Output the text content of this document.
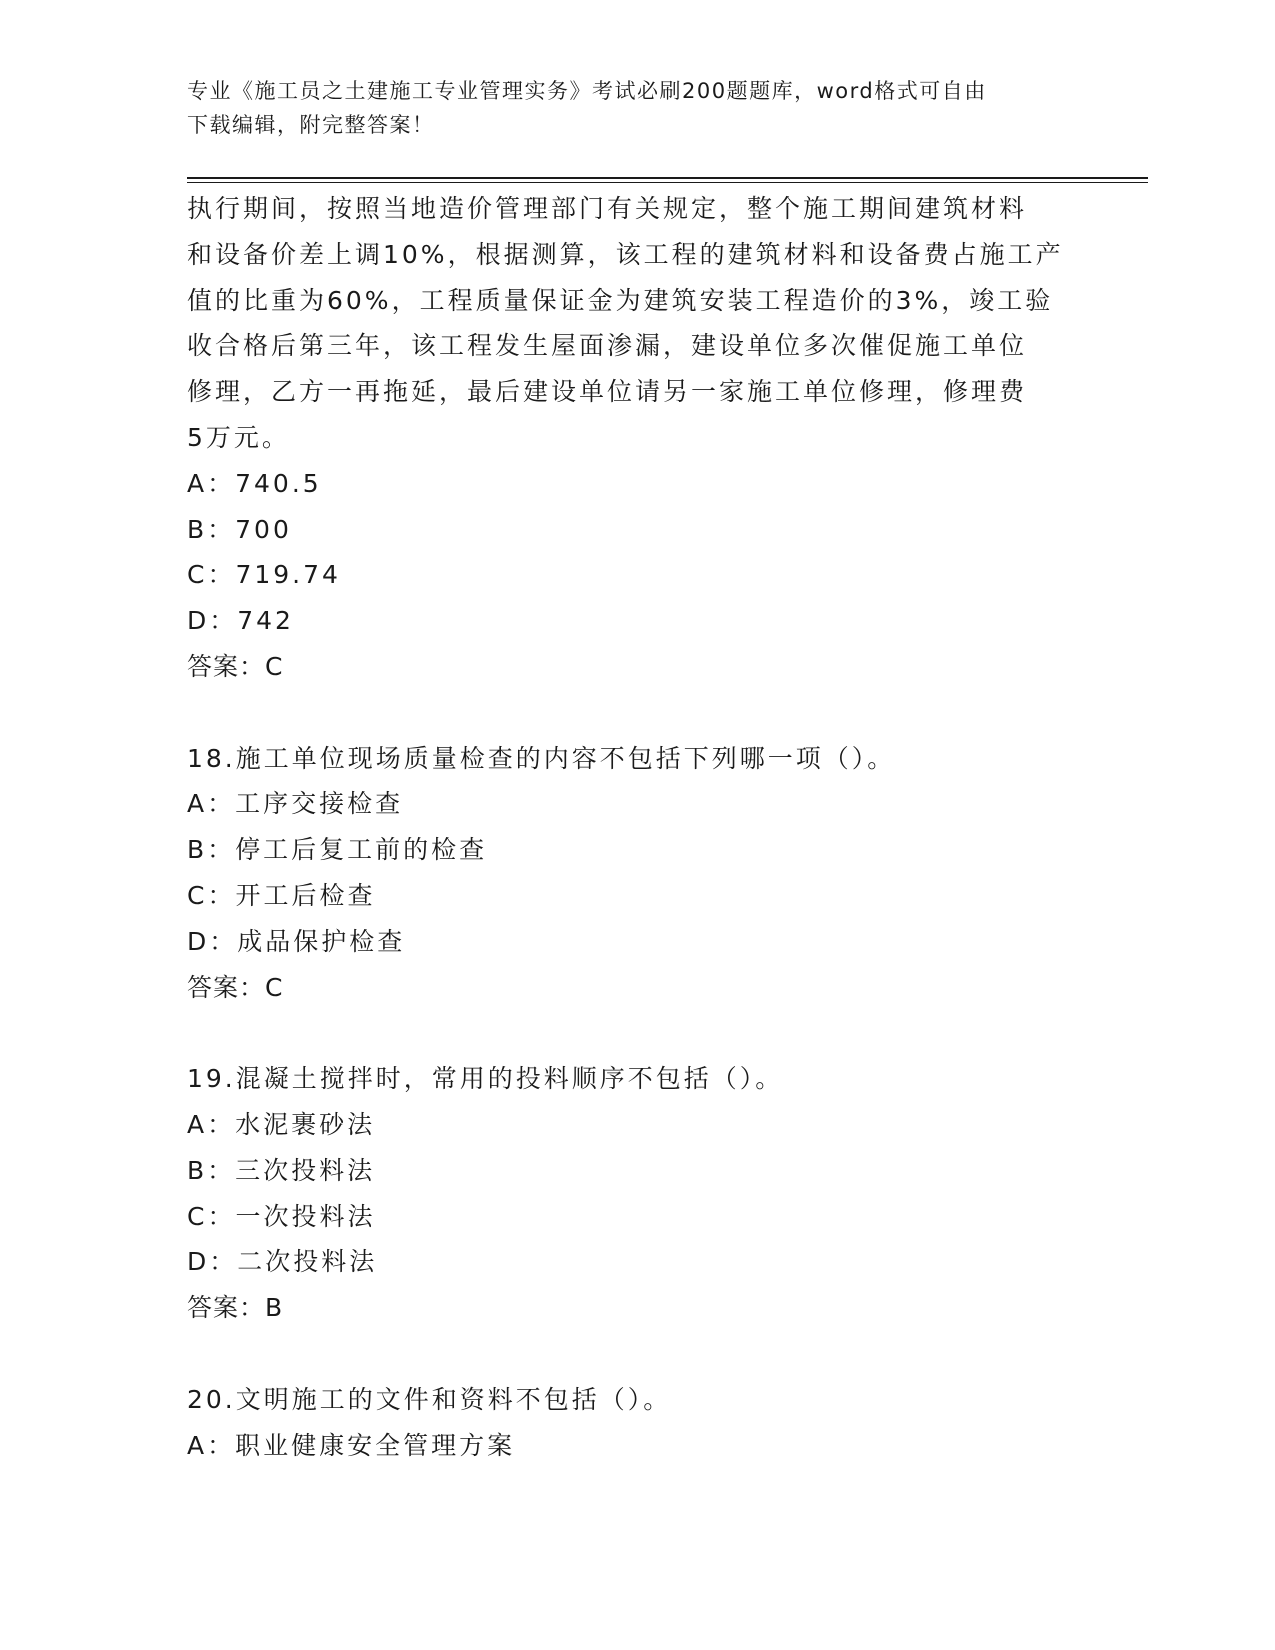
专业《施工员之土建施工专业管理实务》考试必刷200题题库，word格式可自由
下载编辑，附完整答案！
执行期间，按照当地造价管理部门有关规定，整个施工期间建筑材料
和设备价差上调10%，根据测算，该工程的建筑材料和设备费占施工产
值的比重为60%，工程质量保证金为建筑安装工程造价的3%，竣工验
收合格后第三年，该工程发生屋面渗漏，建设单位多次催促施工单位
修理，乙方一再拖延，最后建设单位请另一家施工单位修理，修理费
5万元。
A：740.5
B：700
C：719.74
D：742
答案：C
18.施工单位现场质量检查的内容不包括下列哪一项（）。
A：工序交接检查
B：停工后复工前的检查
C：开工后检查
D：成品保护检查
答案：C
19.混凝土搅拌时，常用的投料顺序不包括（）。
A：水泥裹砂法
B：三次投料法
C：一次投料法
D：二次投料法
答案：B
20.文明施工的文件和资料不包括（）。
A：职业健康安全管理方案
